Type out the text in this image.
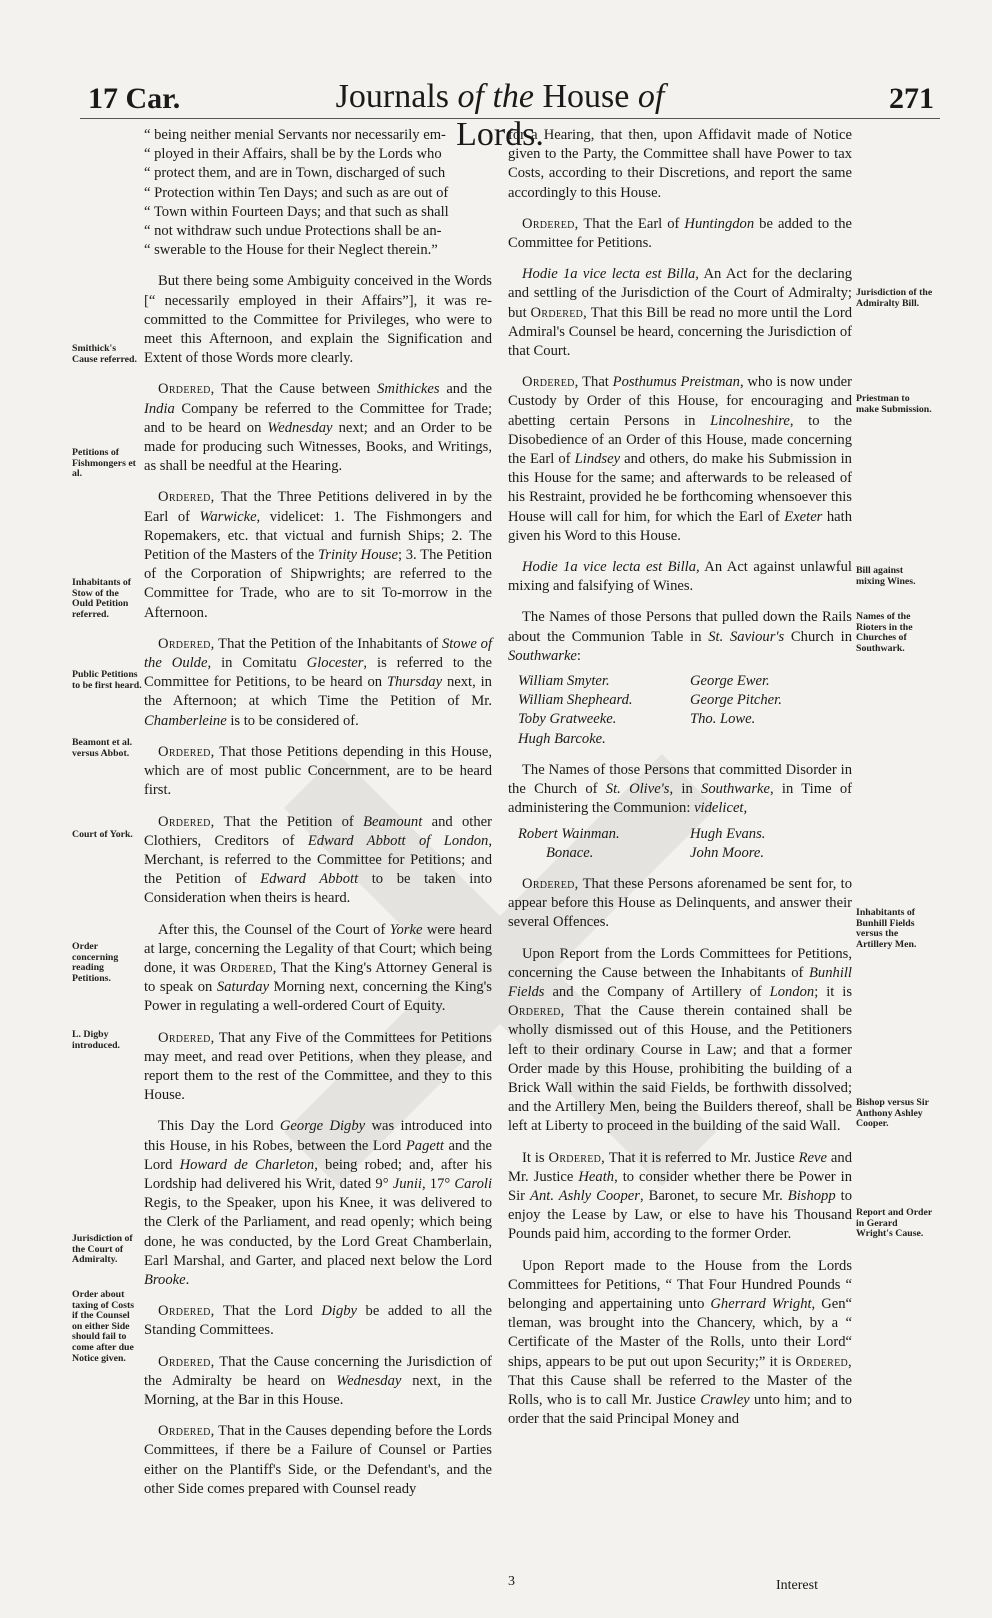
17 Car.	Journals of the House of Lords.
271

“ being neither menial Servants nor necessarily em-
“ ployed in their Affairs, shall be by the Lords who
“ protect them, and are in Town, discharged of such
“ Protection within Ten Days; and such as are out of
“ Town within Fourteen Days; and that such as shall
“ not withdraw such undue Protections shall be an-
“ swerable to the House for their Neglect therein.”

But there being some Ambiguity conceived in the Words [“ necessarily employed in their Affairs”], it was re-committed to the Committee for Privileges, who were to meet this Afternoon, and explain the Signification and Extent of those Words more clearly.

Ordered, That the Cause between Smithickes and the India Company be referred to the Committee for Trade; and to be heard on Wednesday next; and an Order to be made for producing such Witnesses, Books, and Writings, as shall be needful at the Hearing.

Ordered, That the Three Petitions delivered in by the Earl of Warwicke, videlicet: 1. The Fishmongers and Ropemakers, etc. that victual and furnish Ships; 2. The Petition of the Masters of the Trinity House; 3. The Petition of the Corporation of Shipwrights; are referred to the Committee for Trade, who are to sit To-morrow in the Afternoon.

Ordered, That the Petition of the Inhabitants of Stowe of the Oulde, in Comitatu Glocester, is referred to the Committee for Petitions, to be heard on Thursday next, in the Afternoon; at which Time the Petition of Mr. Chamberleine is to be considered of.

Ordered, That those Petitions depending in this House, which are of most public Concernment, are to be heard first.

Ordered, That the Petition of Beamount and other Clothiers, Creditors of Edward Abbott of London, Merchant, is referred to the Committee for Petitions; and the Petition of Edward Abbott to be taken into Consideration when theirs is heard.

After this, the Counsel of the Court of Yorke were heard at large, concerning the Legality of that Court; which being done, it was Ordered, That the King's Attorney General is to speak on Saturday Morning next, concerning the King's Power in regulating a well-ordered Court of Equity.

Ordered, That any Five of the Committees for Petitions may meet, and read over Petitions, when they please, and report them to the rest of the Committee, and they to this House.

This Day the Lord George Digby was introduced into this House, in his Robes, between the Lord Pagett and the Lord Howard de Charleton, being robed; and, after his Lordship had delivered his Writ, dated 9° Junii, 17° Caroli Regis, to the Speaker, upon his Knee, it was delivered to the Clerk of the Parliament, and read openly; which being done, he was conducted, by the Lord Great Chamberlain, Earl Marshal, and Garter, and placed next below the Lord Brooke.

Ordered, That the Lord Digby be added to all the Standing Committees.

Ordered, That the Cause concerning the Jurisdiction of the Admiralty be heard on Wednesday next, in the Morning, at the Bar in this House.

Ordered, That in the Causes depending before the Lords Committees, if there be a Failure of Counsel or Parties either on the Plantiff's Side, or the Defendant's, and the other Side comes prepared with Counsel ready

for a Hearing, that then, upon Affidavit made of Notice given to the Party, the Committee shall have Power to tax Costs, according to their Discretions, and report the same accordingly to this House.

Ordered, That the Earl of Huntingdon be added to the Committee for Petitions.

Hodie 1a vice lecta est Billa, An Act for the declaring and settling of the Jurisdiction of the Court of Admiralty; but Ordered, That this Bill be read no more until the Lord Admiral's Counsel be heard, concerning the Jurisdiction of that Court.

Ordered, That Posthumus Preistman, who is now under Custody by Order of this House, for encouraging and abetting certain Persons in Lincolneshire, to the Disobedience of an Order of this House, made concerning the Earl of Lindsey and others, do make his Submission in this House for the same; and afterwards to be released of his Restraint, provided he be forthcoming whensoever this House will call for him, for which the Earl of Exeter hath given his Word to this House.

Hodie 1a vice lecta est Billa, An Act against unlawful mixing and falsifying of Wines.

The Names of those Persons that pulled down the Rails about the Communion Table in St. Saviour's Church in Southwarke:

William Smyter.
William Shepheard.
Toby Gratweeke.
Hugh Barcoke.
George Ewer.
George Pitcher.
Tho. Lowe.

The Names of those Persons that committed Disorder in the Church of St. Olive's, in Southwarke, in Time of administering the Communion: videlicet,

Robert Wainman.
Bonace.
Hugh Evans.
John Moore.

Ordered, That these Persons aforenamed be sent for, to appear before this House as Delinquents, and answer their several Offences.

Upon Report from the Lords Committees for Petitions, concerning the Cause between the Inhabitants of Bunhill Fields and the Company of Artillery of London; it is Ordered, That the Cause therein contained shall be wholly dismissed out of this House, and the Petitioners left to their ordinary Course in Law; and that a former Order made by this House, prohibiting the building of a Brick Wall within the said Fields, be forthwith dissolved; and the Artillery Men, being the Builders thereof, shall be left at Liberty to proceed in the building of the said Wall.

It is Ordered, That it is referred to Mr. Justice Reve and Mr. Justice Heath, to consider whether there be Power in Sir Ant. Ashly Cooper, Baronet, to secure Mr. Bishopp to enjoy the Lease by Law, or else to have his Thousand Pounds paid him, according to the former Order.

Upon Report made to the House from the Lords Committees for Petitions, “ That Four Hundred Pounds “ belonging and appertaining unto Gherrard Wright, Gen“ tleman, was brought into the Chancery, which, by a “ Certificate of the Master of the Rolls, unto their Lord“ ships, appears to be put out upon Security;” it is Ordered, That this Cause shall be referred to the Master of the Rolls, who is to call Mr. Justice Crawley unto him; and to order that the said Principal Money and

Smithick's Cause referred.
Petitions of Fishmongers et al.
Inhabitants of Stow of the Ould Petition referred.
Public Petitions to be first heard.
Beamont et al. versus Abbot.
Court of York.
Order concerning reading Petitions.
L. Digby introduced.
Jurisdiction of the Court of Admiralty.
Order about taxing of Costs if the Counsel on either Side should fail to come after due Notice given.
Jurisdiction of the Admiralty Bill.
Priestman to make Submission.
Bill against mixing Wines.
Names of the Rioters in the Churches of Southwark.
Inhabitants of Bunhill Fields versus the Artillery Men.
Bishop versus Sir Anthony Ashley Cooper.
Report and Order in Gerard Wright's Cause.
3	Interest
